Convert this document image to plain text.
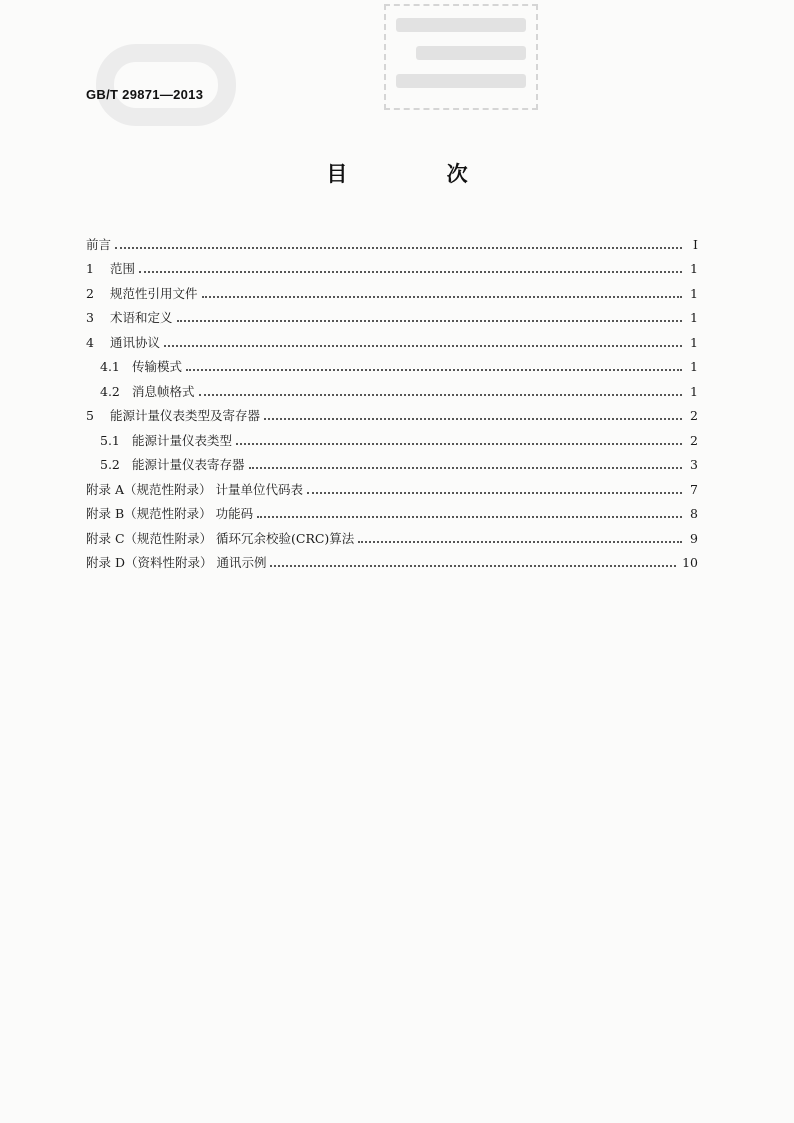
GB/T 29871—2013
目 次
前言	Ⅰ
1	范围	1
2	规范性引用文件	1
3	术语和定义	1
4	通讯协议	1
4.1 传输模式	1
4.2 消息帧格式	1
5	能源计量仪表类型及寄存器	2
5.1 能源计量仪表类型	2
5.2 能源计量仪表寄存器	3
附录 A（规范性附录） 计量单位代码表	7
附录 B（规范性附录） 功能码	8
附录 C（规范性附录） 循环冗余校验(CRC)算法	9
附录 D（资料性附录） 通讯示例	10
